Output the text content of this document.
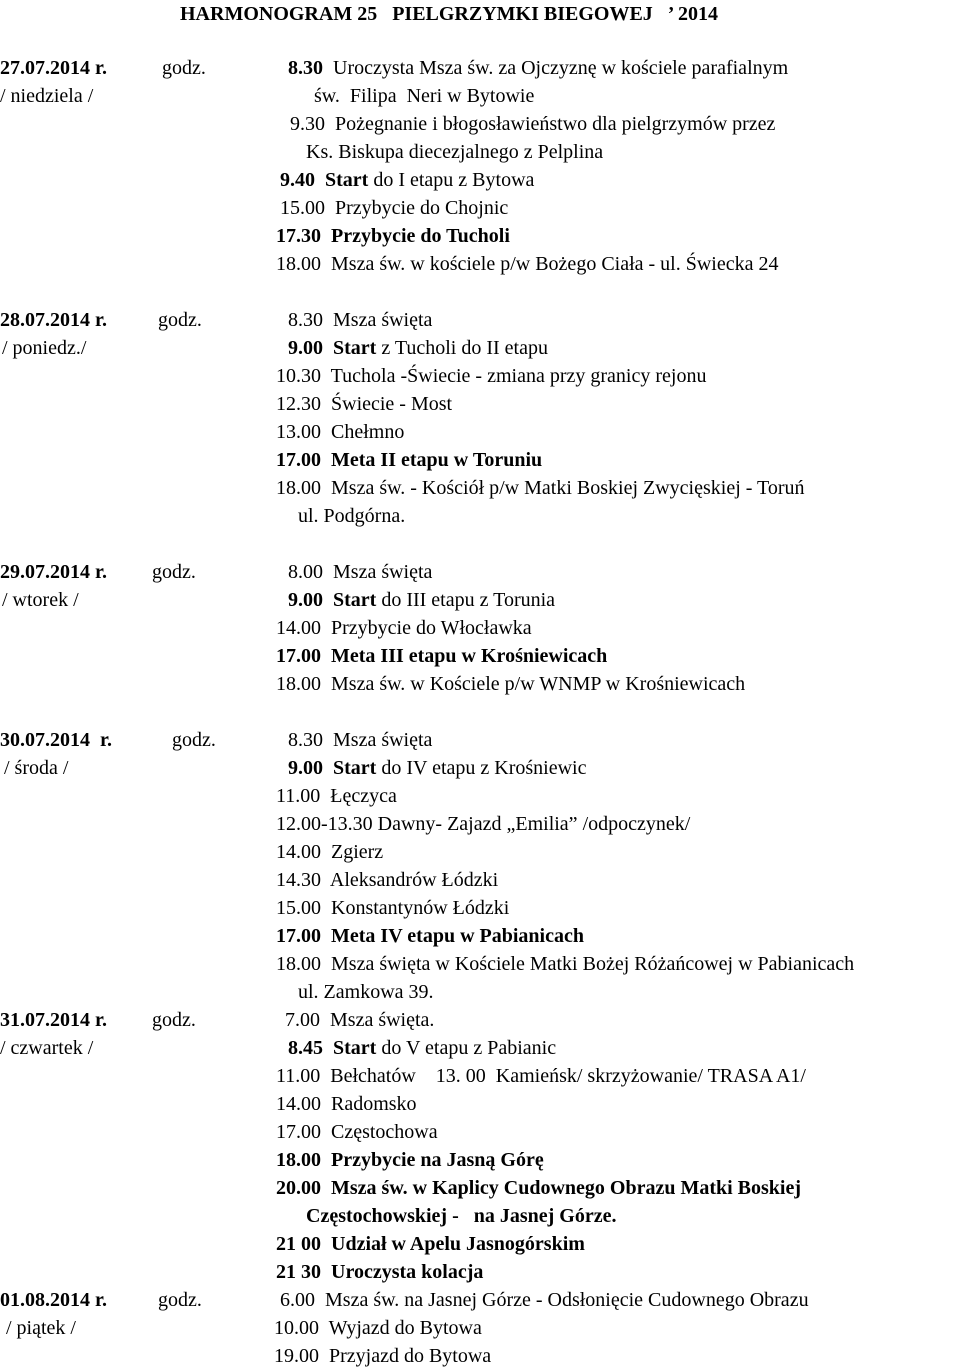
HARMONOGRAM 25   PIELGRZYMKI BIEGOWEJ   ’ 2014
27.07.2014 r.	godz.
/ niedziela /
8.30  Uroczysta Msza św. za Ojczyznę w kościele parafialnym
św.  Filipa  Neri w Bytowie
9.30  Pożegnanie i błogosławieństwo dla pielgrzymów przez
Ks. Biskupa diecezjalnego z Pelplina
9.40  Start do I etapu z Bytowa
15.00  Przybycie do Chojnic
17.30  Przybycie do Tucholi
18.00  Msza św. w kościele p/w Bożego Ciała - ul. Świecka 24
28.07.2014 r.	godz.
/ poniedz./
8.30  Msza święta
9.00  Start z Tucholi do II etapu
10.30  Tuchola -Świecie - zmiana przy granicy rejonu
12.30  Świecie - Most
13.00  Chełmno
17.00  Meta II etapu w Toruniu
18.00  Msza św. - Kościół p/w Matki Boskiej Zwycięskiej - Toruń
ul. Podgórna.
29.07.2014 r. godz.
/ wtorek /
8.00  Msza święta
9.00  Start do III etapu z Torunia
14.00  Przybycie do Włocławka
17.00  Meta III etapu w Krośniewicach
18.00  Msza św. w Kościele p/w WNMP w Krośniewicach
30.07.2014  r.	godz.
/ środa /
8.30  Msza święta
9.00  Start do IV etapu z Krośniewic
11.00  Łęczyca
12.00-13.30 Dawny- Zajazd „Emilia” /odpoczynek/
14.00  Zgierz
14.30  Aleksandrów Łódzki
15.00  Konstantynów Łódzki
17.00  Meta IV etapu w Pabianicach
18.00  Msza święta w Kościele Matki Bożej Różańcowej w Pabianicach
ul. Zamkowa 39.
31.07.2014 r. godz.
/ czwartek /
7.00  Msza święta.
8.45  Start do V etapu z Pabianic
11.00  Bełchatów    13. 00  Kamieńsk/ skrzyżowanie/ TRASA A1/
14.00  Radomsko
17.00  Częstochowa
18.00  Przybycie na Jasną Górę
20.00  Msza św. w Kaplicy Cudownego Obrazu Matki Boskiej
Częstochowskiej -   na Jasnej Górze.
21 00  Udział w Apelu Jasnogórskim
21 30  Uroczysta kolacja
01.08.2014 r.	godz.
/ piątek /
6.00  Msza św. na Jasnej Górze - Odsłonięcie Cudownego Obrazu
10.00  Wyjazd do Bytowa
19.00  Przyjazd do Bytowa
